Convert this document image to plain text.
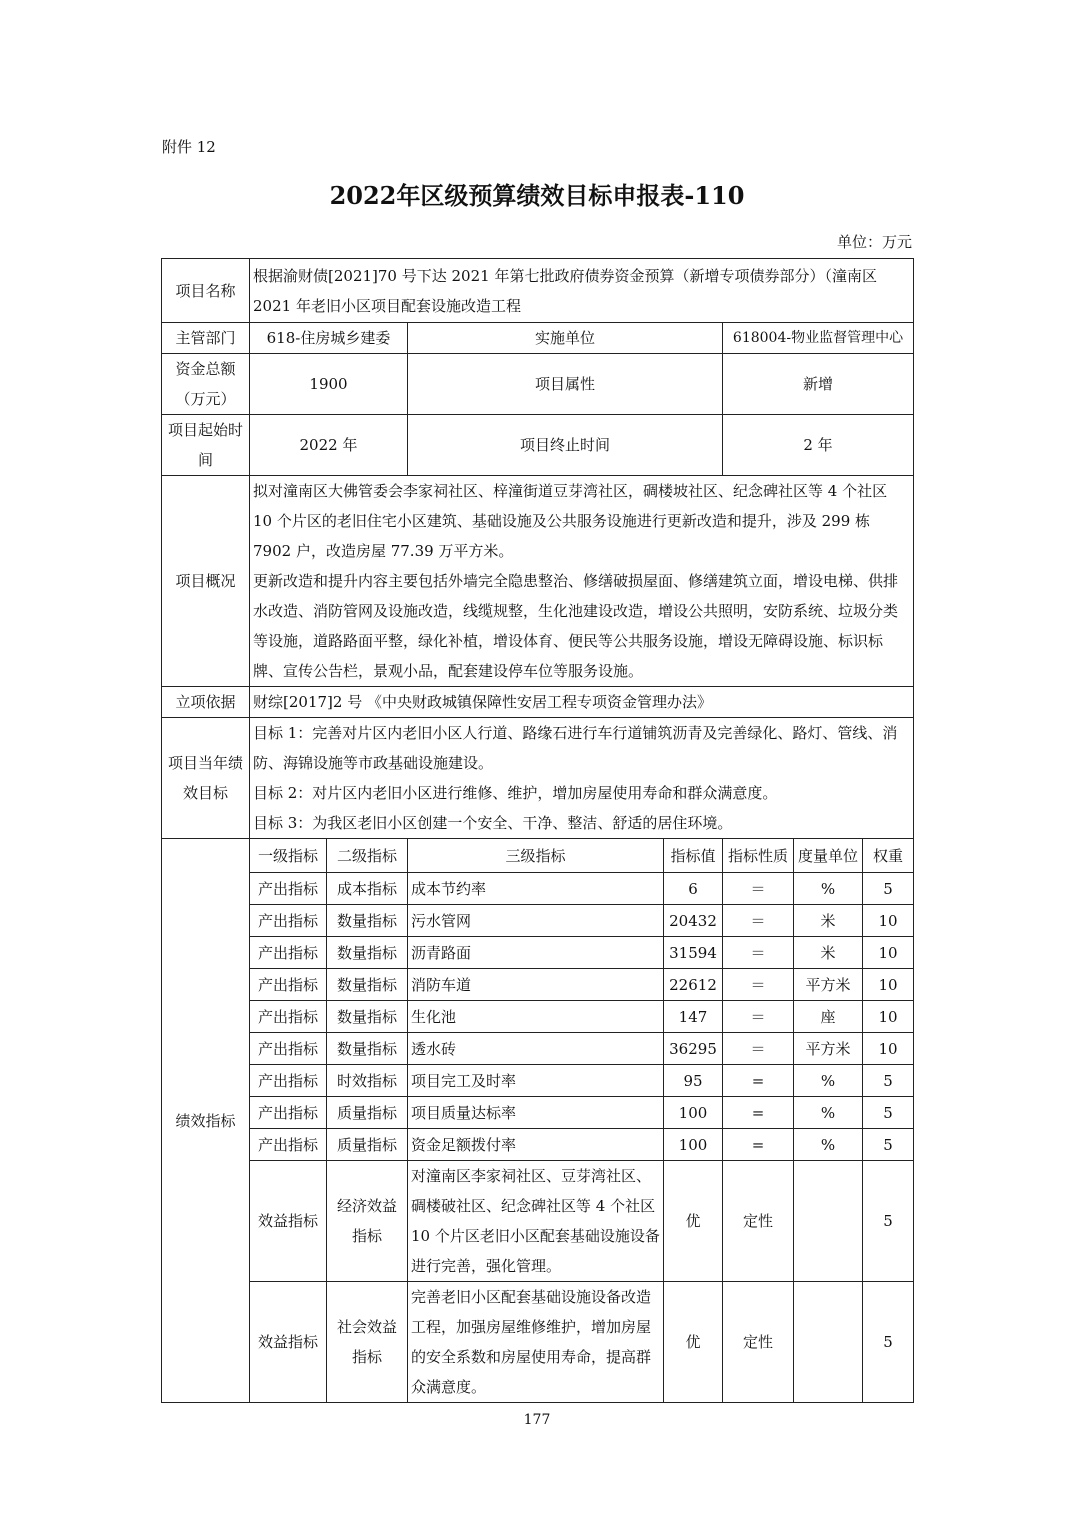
附件 12
2022年区级预算绩效目标申报表-110
单位：万元
项目名称	根据渝财债[2021]70 号下达 2021 年第七批政府债券资金预算（新增专项债券部分）（潼南区 2021 年老旧小区项目配套设施改造工程						
主管部门	618-住房城乡建委		实施单位		618004-物业监督管理中心		
资金总额（万元）	1900		项目属性		新增		
项目起始时间	2022 年		项目终止时间		2 年		
项目概况	拟对潼南区大佛管委会李家祠社区、梓潼街道豆芽湾社区，碉楼坡社区、纪念碑社区等 4 个社区 10 个片区的老旧住宅小区建筑、基础设施及公共服务设施进行更新改造和提升，涉及 299 栋 7902 户，改造房屋 77.39 万平方米。

更新改造和提升内容主要包括外墙完全隐患整治、修缮破损屋面、修缮建筑立面，增设电梯、供排水改造、消防管网及设施改造，线缆规整，生化池建设改造，增设公共照明，安防系统、垃圾分类等设施，道路路面平整，绿化补植，增设体育、便民等公共服务设施，增设无障碍设施、标识标牌、宣传公告栏，景观小品，配套建设停车位等服务设施。						

立项依据	财综[2017]2 号 《中央财政城镇保障性安居工程专项资金管理办法》						
项目当年绩效目标	目标 1：完善对片区内老旧小区人行道、路缘石进行车行道铺筑沥青及完善绿化、路灯、管线、消防、海锦设施等市政基础设施建设。

目标 2：对片区内老旧小区进行维修、维护，增加房屋使用寿命和群众满意度。

目标 3：为我区老旧小区创建一个安全、干净、整洁、舒适的居住环境。						

绩效指标	一级指标	二级指标	三级指标	指标值	指标性质	度量单位	权重
	产出指标	成本指标	成本节约率	6	＝	%	5
	产出指标	数量指标	污水管网	20432	＝	米	10
	产出指标	数量指标	沥青路面	31594	＝	米	10
	产出指标	数量指标	消防车道	22612	＝	平方米	10
	产出指标	数量指标	生化池	147	＝	座	10
	产出指标	数量指标	透水砖	36295	＝	平方米	10
	产出指标	时效指标	项目完工及时率	95	=	%	5
	产出指标	质量指标	项目质量达标率	100	=	%	5
	产出指标	质量指标	资金足额拨付率	100	=	%	5
	效益指标	经济效益指标	对潼南区李家祠社区、豆芽湾社区、碉楼破社区、纪念碑社区等 4 个社区 10 个片区老旧小区配套基础设施设备进行完善，强化管理。	优	定性		5
	效益指标	社会效益指标	完善老旧小区配套基础设施设备改造工程，加强房屋维修维护，增加房屋的安全系数和房屋使用寿命，提高群众满意度。	优	定性		5
177
